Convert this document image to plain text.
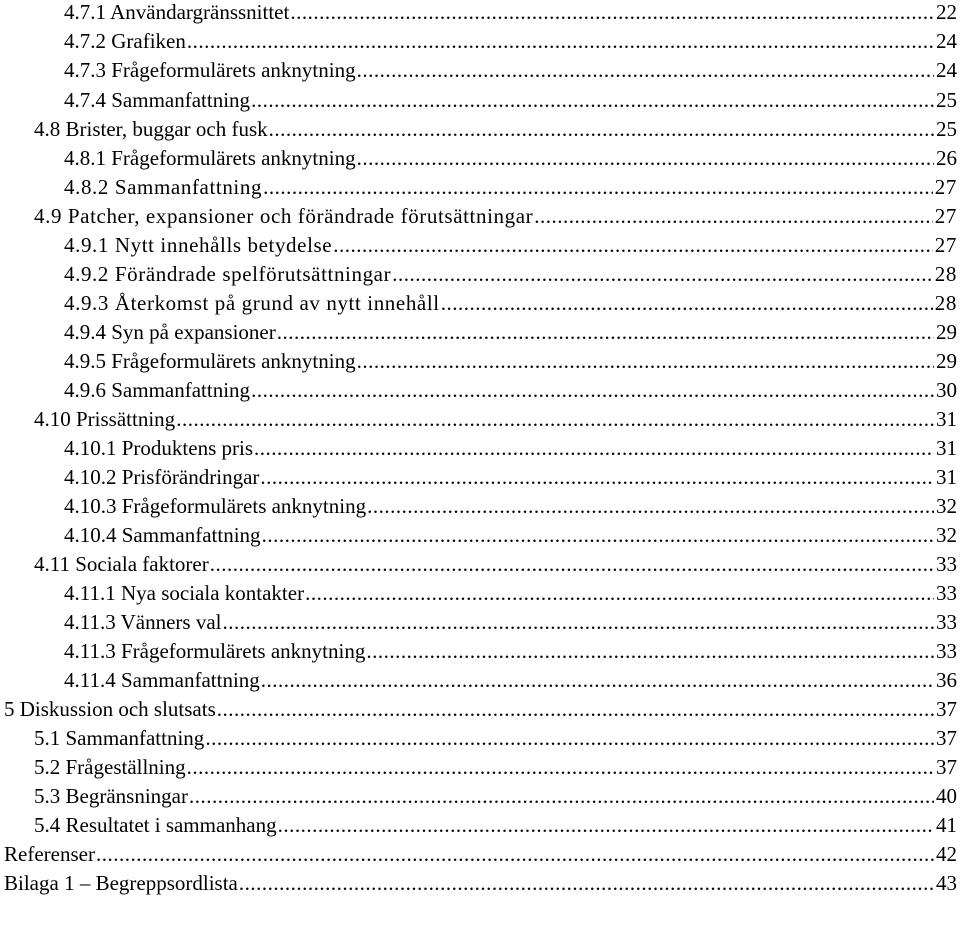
4.7.1 Användargränssnittet .....	22
4.7.2 Grafiken .....	24
4.7.3 Frågeformulärets anknytning .....	24
4.7.4 Sammanfattning .....	25
4.8 Brister, buggar och fusk .....	25
4.8.1 Frågeformulärets anknytning .....	26
4.8.2 Sammanfattning .....	27
4.9 Patcher, expansioner och förändrade förutsättningar .....	27
4.9.1 Nytt innehålls betydelse .....	27
4.9.2 Förändrade spelförutsättningar .....	28
4.9.3 Återkomst på grund av nytt innehåll .....	28
4.9.4 Syn på expansioner .....	29
4.9.5 Frågeformulärets anknytning .....	29
4.9.6 Sammanfattning .....	30
4.10 Prissättning .....	31
4.10.1 Produktens pris .....	31
4.10.2 Prisförändringar .....	31
4.10.3 Frågeformulärets anknytning .....	32
4.10.4 Sammanfattning .....	32
4.11 Sociala faktorer .....	33
4.11.1 Nya sociala kontakter .....	33
4.11.3 Vänners val .....	33
4.11.3 Frågeformulärets anknytning .....	33
4.11.4 Sammanfattning .....	36
5 Diskussion och slutsats .....	37
5.1 Sammanfattning .....	37
5.2 Frågeställning .....	37
5.3 Begränsningar .....	40
5.4 Resultatet i sammanhang .....	41
Referenser .....	42
Bilaga 1 – Begreppsordlista .....	43
